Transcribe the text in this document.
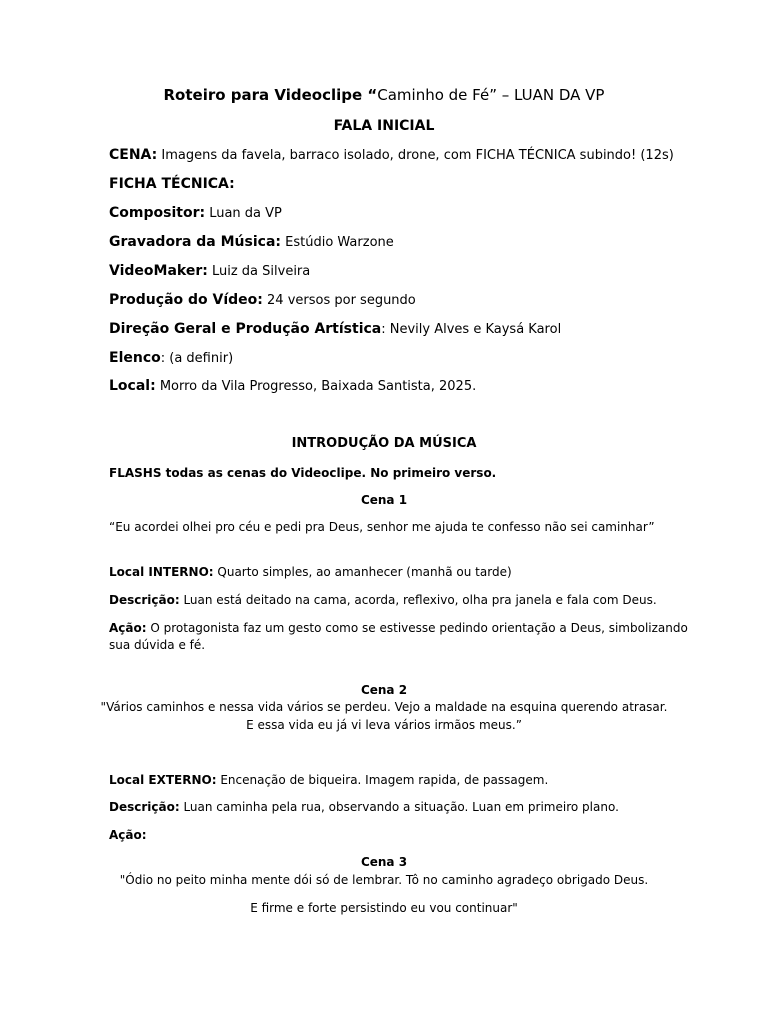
Roteiro para Videoclipe “Caminho de Fé” – LUAN DA VP

FALA INICIAL

CENA: Imagens da favela, barraco isolado, drone, com FICHA TÉCNICA subindo! (12s)

FICHA TÉCNICA:

Compositor: Luan da VP

Gravadora da Música: Estúdio Warzone

VideoMaker: Luiz da Silveira

Produção do Vídeo: 24 versos por segundo

Direção Geral e Produção Artística: Nevily Alves e Kaysá Karol

Elenco: (a definir)

Local: Morro da Vila Progresso, Baixada Santista, 2025.

INTRODUÇÃO DA MÚSICA

FLASHS todas as cenas do Videoclipe. No primeiro verso.

Cena 1

“Eu acordei olhei pro céu e pedi pra Deus, senhor me ajuda te confesso não sei caminhar”

Local INTERNO: Quarto simples, ao amanhecer (manhã ou tarde)

Descrição: Luan está deitado na cama, acorda, reflexivo, olha pra janela e fala com Deus.

Ação: O protagonista faz um gesto como se estivesse pedindo orientação a Deus, simbolizando

sua dúvida e fé.

Cena 2

"Vários caminhos e nessa vida vários se perdeu. Vejo a maldade na esquina querendo atrasar.

E essa vida eu já vi leva vários irmãos meus.”

Local EXTERNO: Encenação de biqueira. Imagem rapida, de passagem.

Descrição: Luan caminha pela rua, observando a situação. Luan em primeiro plano.

Ação:

Cena 3

"Ódio no peito minha mente dói só de lembrar. Tô no caminho agradeço obrigado Deus.

E firme e forte persistindo eu vou continuar"
